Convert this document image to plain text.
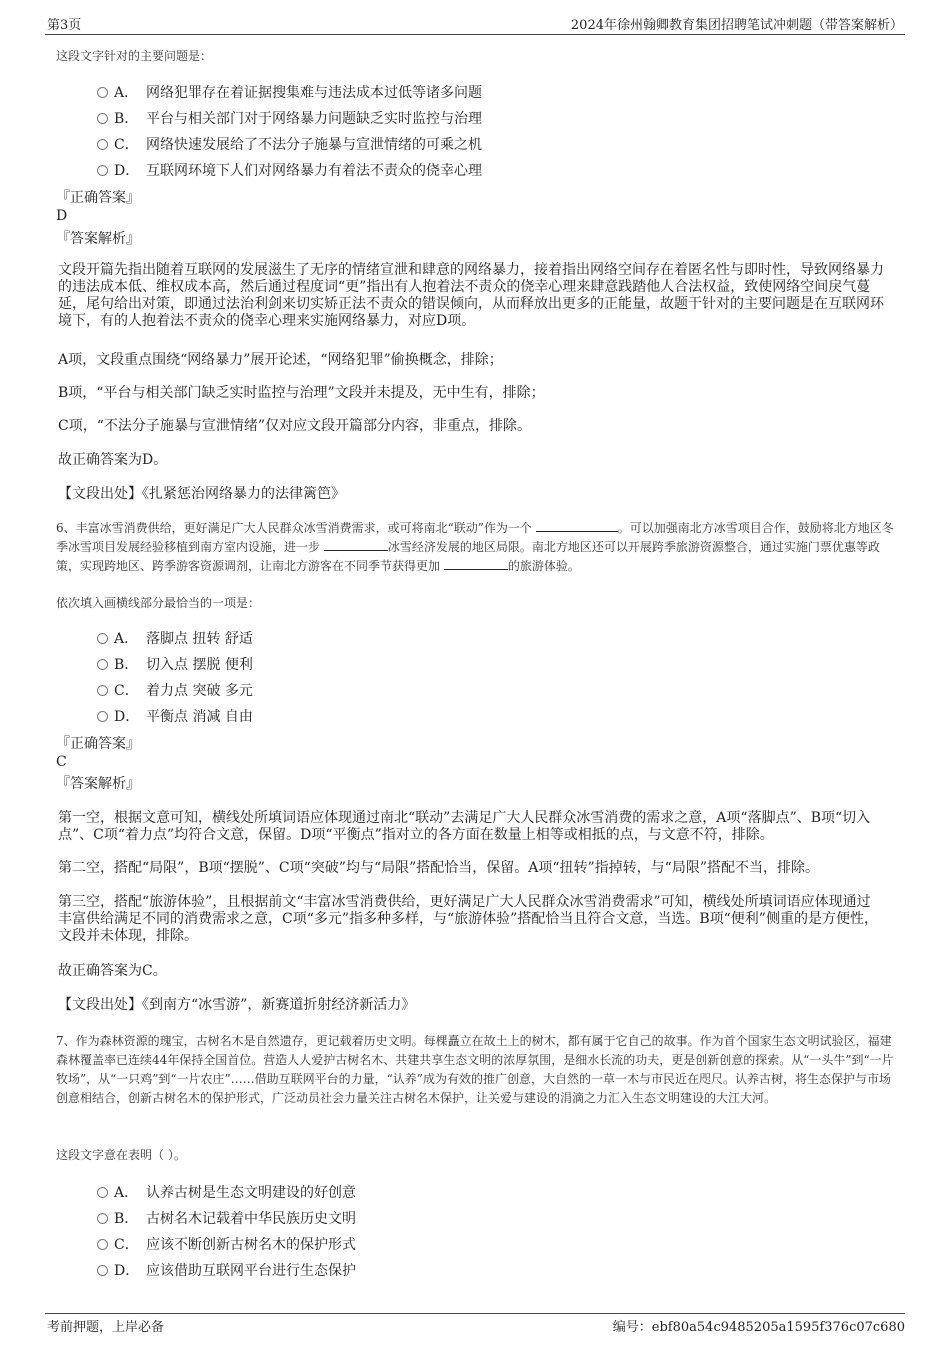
第3页	2024年徐州翰卿教育集团招聘笔试冲刺题（带答案解析）
这段文字针对的主要问题是：
A． 网络犯罪存在着证据搜集难与违法成本过低等诸多问题
B． 平台与相关部门对于网络暴力问题缺乏实时监控与治理
C． 网络快速发展给了不法分子施暴与宣泄情绪的可乘之机
D． 互联网环境下人们对网络暴力有着法不责众的侥幸心理
『正确答案』
D
『答案解析』
文段开篇先指出随着互联网的发展滋生了无序的情绪宣泄和肆意的网络暴力，接着指出网络空间存在着匿名性与即时性，导致网络暴力的违法成本低、维权成本高，然后通过程度词“更”指出有人抱着法不责众的侥幸心理来肆意践踏他人合法权益，致使网络空间戾气蔓延，尾句给出对策，即通过法治利剑来切实矫正法不责众的错误倾向，从而释放出更多的正能量，故题干针对的主要问题是在互联网环境下，有的人抱着法不责众的侥幸心理来实施网络暴力，对应D项。
A项，文段重点围绕“网络暴力”展开论述，“网络犯罪”偷换概念，排除；
B项，“平台与相关部门缺乏实时监控与治理”文段并未提及，无中生有，排除；
C项，“不法分子施暴与宣泄情绪”仅对应文段开篇部分内容，非重点，排除。
故正确答案为D。
【文段出处】《扎紧惩治网络暴力的法律篱笆》
6、丰富冰雪消费供给，更好满足广大人民群众冰雪消费需求，或可将南北“联动”作为一个	。可以加强南北方冰雪项目合作，鼓励将北方地区冬季冰雪项目发展经验移植到南方室内设施，进一步	冰雪经济发展的地区局限。南北方地区还可以开展跨季旅游资源整合，通过实施门票优惠等政策，实现跨地区、跨季游客资源调剂，让南北方游客在不同季节获得更加	的旅游体验。
依次填入画横线部分最恰当的一项是：
A． 落脚点 扭转 舒适
B． 切入点 摆脱 便利
C． 着力点 突破 多元
D． 平衡点 消减 自由
『正确答案』
C
『答案解析』
第一空，根据文意可知，横线处所填词语应体现通过南北“联动”去满足广大人民群众冰雪消费的需求之意，A项“落脚点”、B项“切入点”、C项“着力点”均符合文意，保留。D项“平衡点”指对立的各方面在数量上相等或相抵的点，与文意不符，排除。
第二空，搭配“局限”，B项“摆脱”、C项“突破”均与“局限”搭配恰当，保留。A项“扭转”指掉转，与“局限”搭配不当，排除。
第三空，搭配“旅游体验”，且根据前文“丰富冰雪消费供给，更好满足广大人民群众冰雪消费需求”可知，横线处所填词语应体现通过丰富供给满足不同的消费需求之意，C项“多元”指多种多样，与“旅游体验”搭配恰当且符合文意，当选。B项“便利”侧重的是方便性，文段并未体现，排除。
故正确答案为C。
【文段出处】《到南方“冰雪游”，新赛道折射经济新活力》
7、作为森林资源的瑰宝，古树名木是自然遗存，更记载着历史文明。每棵矗立在故土上的树木，都有属于它自己的故事。作为首个国家生态文明试验区，福建森林覆盖率已连续44年保持全国首位。营造人人爱护古树名木、共建共享生态文明的浓厚氛围，是细水长流的功夫，更是创新创意的探索。从“一头牛”到“一片牧场”，从“一只鸡”到“一片农庄”……借助互联网平台的力量，“认养”成为有效的推广创意，大自然的一草一木与市民近在咫尺。认养古树，将生态保护与市场创意相结合，创新古树名木的保护形式，广泛动员社会力量关注古树名木保护，让关爱与建设的涓滴之力汇入生态文明建设的大江大河。
这段文字意在表明（ ）。
A． 认养古树是生态文明建设的好创意
B． 古树名木记载着中华民族历史文明
C． 应该不断创新古树名木的保护形式
D． 应该借助互联网平台进行生态保护
考前押题，上岸必备	编号：ebf80a54c9485205a1595f376c07c680
